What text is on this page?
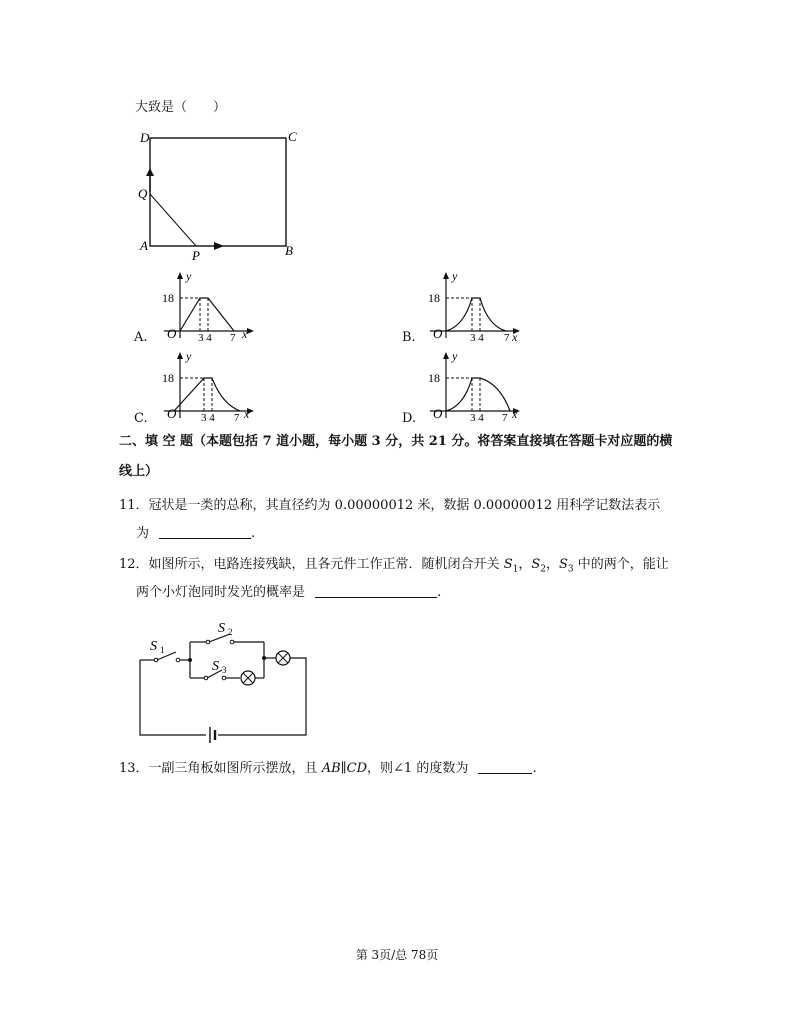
大致是（　　）
D	C
Q
A
P	B
A.
y
18
O 3 4 7 x	B.
y
18
O	3 4 7 x
C.
y
18
O 3 4 7 x	D.
y
18
O	3 4 7 x
二、填 空 题（本题包括 7 道小题，每小题 3 分，共 21 分。将答案直接填在答题卡对应题的横
线上）
11．冠状是一类的总称，其直径约为 0.00000012 米，数据 0.00000012 用科学记数法表示
为	.
12．如图所示，电路连接残缺，且各元件工作正常．随机闭合开关 $S_1$，$S_2$，$S_3$ 中的两个，能让
两个小灯泡同时发光的概率是	.
S 1
S 2
S 3
13．一副三角板如图所示摆放，且 AB∥CD，则∠1 的度数为	.
第 3页/总 78页
